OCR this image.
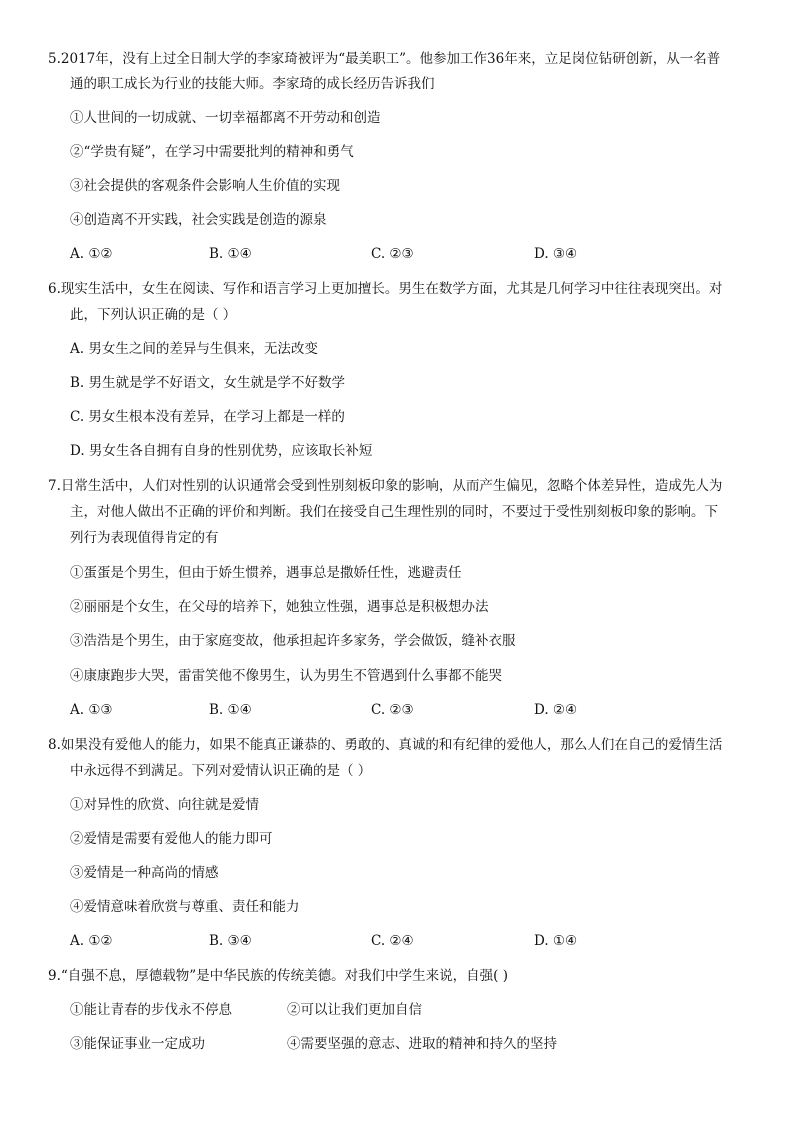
5.2017年，没有上过全日制大学的李家琦被评为“最美职工”。他参加工作36年来，立足岗位钻研创新，从一名普
通的职工成长为行业的技能大师。李家琦的成长经历告诉我们
①人世间的一切成就、一切幸福都离不开劳动和创造
②“学贵有疑”，在学习中需要批判的精神和勇气
③社会提供的客观条件会影响人生价值的实现
④创造离不开实践，社会实践是创造的源泉
A. ①②	B. ①④	C. ②③	D. ③④
6.现实生活中，女生在阅读、写作和语言学习上更加擅长。男生在数学方面，尤其是几何学习中往往表现突出。对
此，下列认识正确的是（ ）
A. 男女生之间的差异与生俱来，无法改变
B. 男生就是学不好语文，女生就是学不好数学
C. 男女生根本没有差异，在学习上都是一样的
D. 男女生各自拥有自身的性别优势，应该取长补短
7.日常生活中，人们对性别的认识通常会受到性别刻板印象的影响，从而产生偏见，忽略个体差异性，造成先人为
主，对他人做出不正确的评价和判断。我们在接受自己生理性别的同时，不要过于受性别刻板印象的影响。下
列行为表现值得肯定的有
①蛋蛋是个男生，但由于娇生惯养，遇事总是撒娇任性，逃避责任
②丽丽是个女生，在父母的培养下，她独立性强，遇事总是积极想办法
③浩浩是个男生，由于家庭变故，他承担起许多家务，学会做饭，缝补衣服
④康康跑步大哭，雷雷笑他不像男生，认为男生不管遇到什么事都不能哭
A. ①③	B. ①④	C. ②③	D. ②④
8.如果没有爱他人的能力，如果不能真正谦恭的、勇敢的、真诚的和有纪律的爱他人，那么人们在自己的爱情生活
中永远得不到满足。下列对爱情认识正确的是（ ）
①对异性的欣赏、向往就是爱情
②爱情是需要有爱他人的能力即可
③爱情是一种高尚的情感
④爱情意味着欣赏与尊重、责任和能力
A. ①②	B. ③④	C. ②④	D. ①④
9.“自强不息，厚德载物”是中华民族的传统美德。对我们中学生来说，自强( )
①能让青春的步伐永不停息	②可以让我们更加自信
③能保证事业一定成功	④需要坚强的意志、进取的精神和持久的坚持
